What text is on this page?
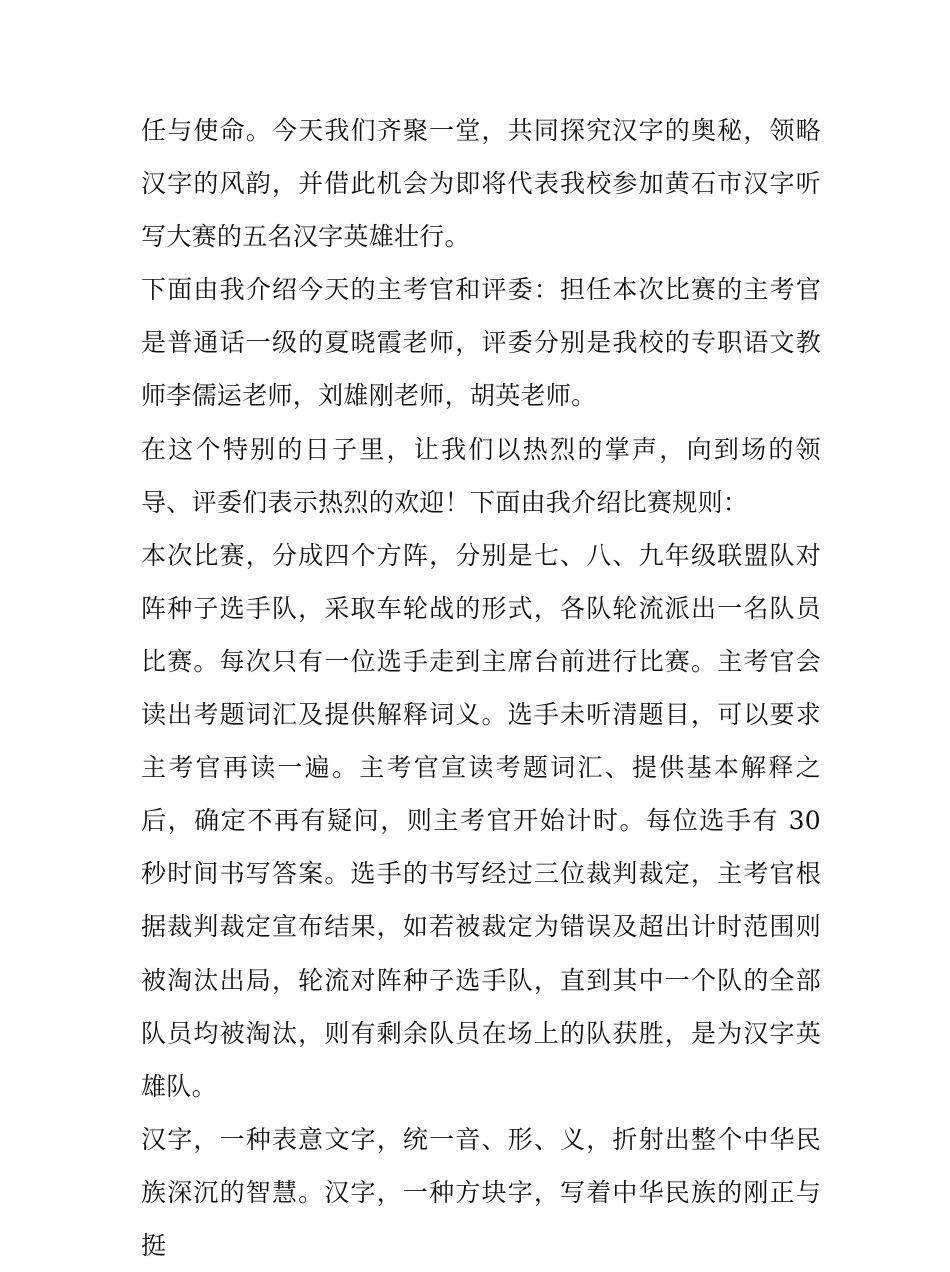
任与使命。今天我们齐聚一堂，共同探究汉字的奥秘，领略汉字的风韵，并借此机会为即将代表我校参加黄石市汉字听写大赛的五名汉字英雄壮行。

下面由我介绍今天的主考官和评委：担任本次比赛的主考官是普通话一级的夏晓霞老师，评委分别是我校的专职语文教师李儒运老师，刘雄刚老师，胡英老师。

在这个特别的日子里，让我们以热烈的掌声，向到场的领导、评委们表示热烈的欢迎！下面由我介绍比赛规则：

本次比赛，分成四个方阵，分别是七、八、九年级联盟队对阵种子选手队，采取车轮战的形式，各队轮流派出一名队员比赛。每次只有一位选手走到主席台前进行比赛。主考官会读出考题词汇及提供解释词义。选手未听清题目，可以要求主考官再读一遍。主考官宣读考题词汇、提供基本解释之后，确定不再有疑问，则主考官开始计时。每位选手有 30 秒时间书写答案。选手的书写经过三位裁判裁定，主考官根据裁判裁定宣布结果，如若被裁定为错误及超出计时范围则被淘汰出局，轮流对阵种子选手队，直到其中一个队的全部队员均被淘汰，则有剩余队员在场上的队获胜，是为汉字英雄队。

汉字，一种表意文字，统一音、形、义，折射出整个中华民族深沉的智慧。汉字，一种方块字，写着中华民族的刚正与挺
